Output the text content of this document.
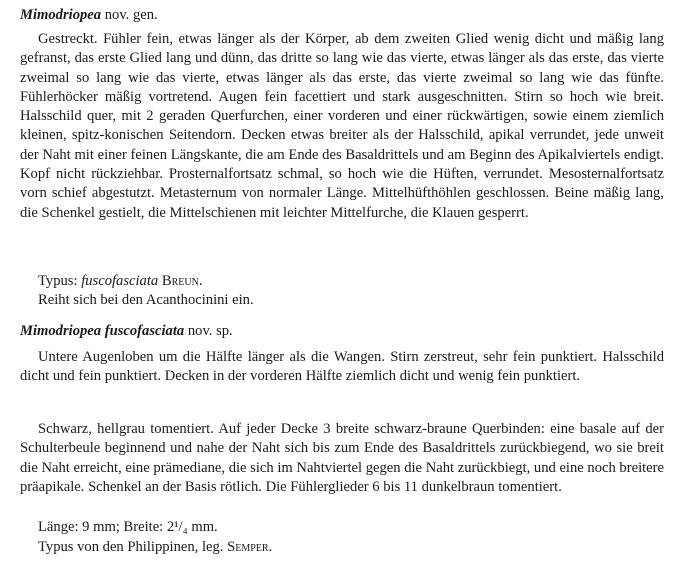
Mimodriopea nov. gen.
Gestreckt. Fühler fein, etwas länger als der Körper, ab dem zweiten Glied wenig dicht und mäßig lang gefranst, das erste Glied lang und dünn, das dritte so lang wie das vierte, etwas länger als das erste, das vierte zweimal so lang wie das vierte, etwas länger als das erste, das vierte zweimal so lang wie das fünfte. Fühlerhöcker mäßig vortretend. Augen fein facettiert und stark ausgeschnitten. Stirn so hoch wie breit. Halsschild quer, mit 2 geraden Querfurchen, einer vorderen und einer rückwärtigen, sowie einem ziemlich kleinen, spitz-konischen Seitendorn. Decken etwas breiter als der Halsschild, apikal verrundet, jede unweit der Naht mit einer feinen Längskante, die am Ende des Basaldrittels und am Beginn des Apikalviertels endigt. Kopf nicht rückziehbar. Prosternalfortsatz schmal, so hoch wie die Hüften, verrundet. Mesosternalfortsatz vorn schief abgestutzt. Metasternum von normaler Länge. Mittelhüfthöhlen geschlossen. Beine mäßig lang, die Schenkel gestielt, die Mittelschienen mit leichter Mittelfurche, die Klauen gesperrt.
Typus: fuscofasciata Breun.
Reiht sich bei den Acanthocinini ein.
Mimodriopea fuscofasciata nov. sp.
Untere Augenloben um die Hälfte länger als die Wangen. Stirn zerstreut, sehr fein punktiert. Halsschild dicht und fein punktiert. Decken in der vorderen Hälfte ziemlich dicht und wenig fein punktiert.
Schwarz, hellgrau tomentiert. Auf jeder Decke 3 breite schwarz-braune Querbinden: eine basale auf der Schulterbeule beginnend und nahe der Naht sich bis zum Ende des Basaldrittels zurückbiegend, wo sie breit die Naht erreicht, eine prämediane, die sich im Nahtviertel gegen die Naht zurückbiegt, und eine noch breitere präapikale. Schenkel an der Basis rötlich. Die Fühlerglieder 6 bis 11 dunkelbraun tomentiert.
Länge: 9 mm; Breite: 2¹/₄ mm.
Typus von den Philippinen, leg. Semper.
